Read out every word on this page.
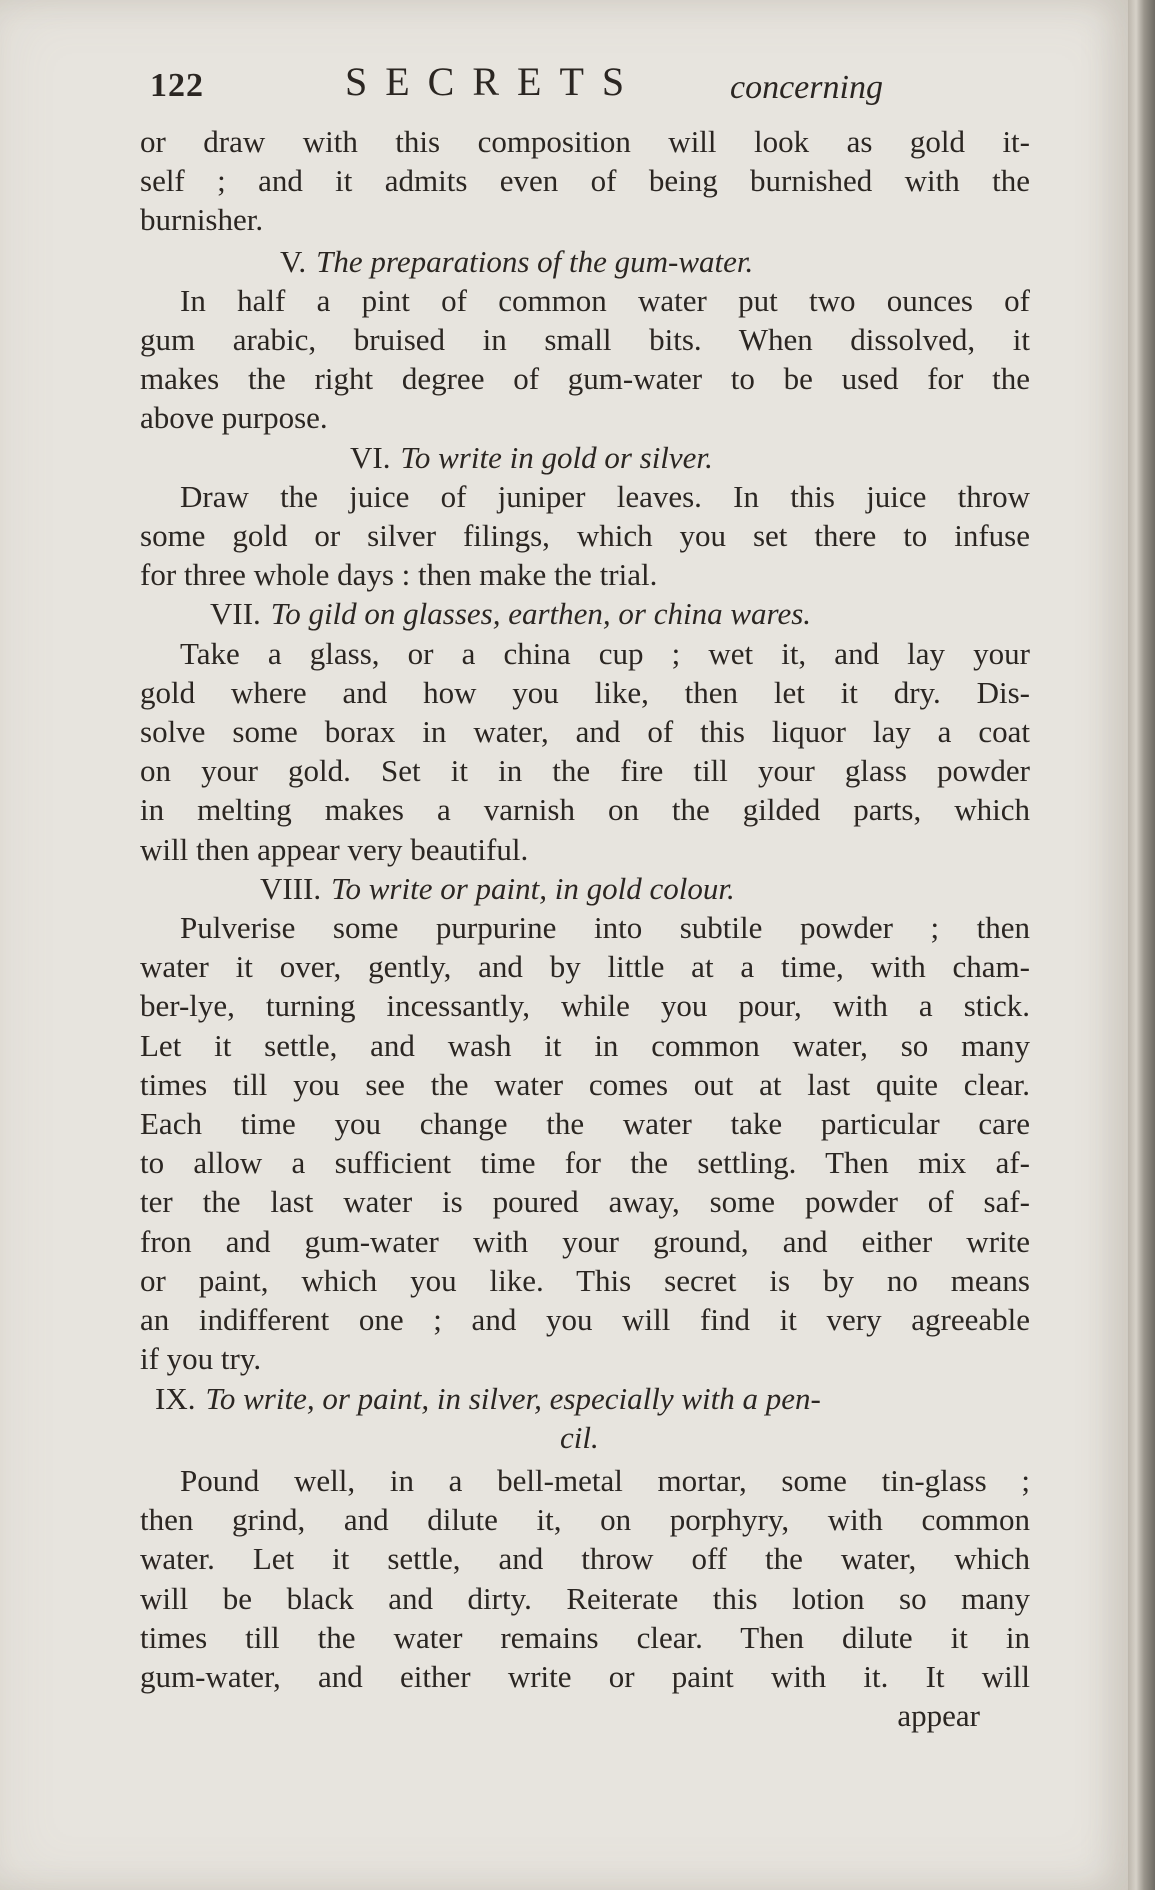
122	SECRETS	concerning
or draw with this composition will look as gold it-
self ; and it admits even of being burnished with the
burnisher.
V. The preparations of the gum-water.
In half a pint of common water put two ounces of
gum arabic, bruised in small bits. When dissolved, it
makes the right degree of gum-water to be used for the
above purpose.
VI. To write in gold or silver.
Draw the juice of juniper leaves. In this juice throw
some gold or silver filings, which you set there to infuse
for three whole days : then make the trial.
VII. To gild on glasses, earthen, or china wares.
Take a glass, or a china cup ; wet it, and lay your
gold where and how you like, then let it dry. Dis-
solve some borax in water, and of this liquor lay a coat
on your gold. Set it in the fire till your glass powder
in melting makes a varnish on the gilded parts, which
will then appear very beautiful.
VIII. To write or paint, in gold colour.
Pulverise some purpurine into subtile powder ; then
water it over, gently, and by little at a time, with cham-
ber-lye, turning incessantly, while you pour, with a stick.
Let it settle, and wash it in common water, so many
times till you see the water comes out at last quite clear.
Each time you change the water take particular care
to allow a sufficient time for the settling. Then mix af-
ter the last water is poured away, some powder of saf-
fron and gum-water with your ground, and either write
or paint, which you like. This secret is by no means
an indifferent one ; and you will find it very agreeable
if you try.
IX. To write, or paint, in silver, especially with a pen-
cil.
Pound well, in a bell-metal mortar, some tin-glass ;
then grind, and dilute it, on porphyry, with common
water. Let it settle, and throw off the water, which
will be black and dirty. Reiterate this lotion so many
times till the water remains clear. Then dilute it in
gum-water, and either write or paint with it. It will
appear
